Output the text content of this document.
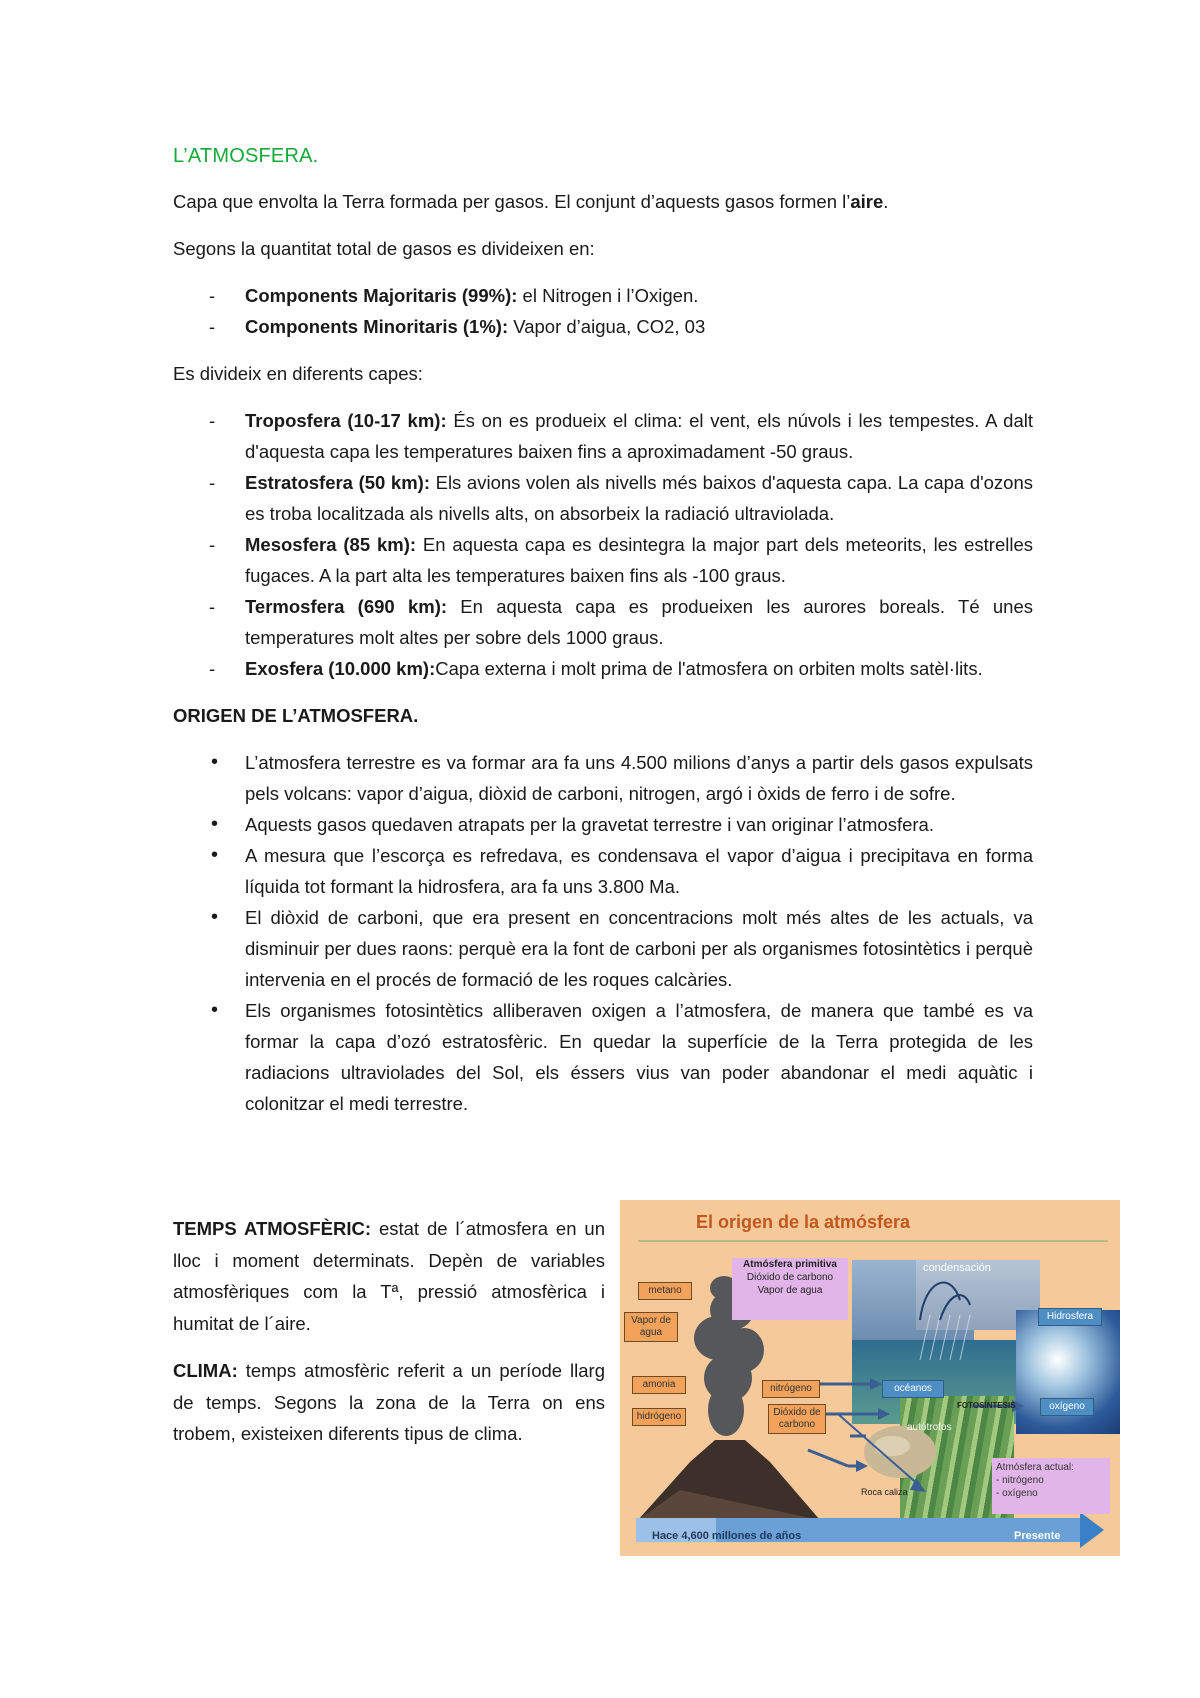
L’ATMOSFERA.

Capa que envolta la Terra formada per gasos. El conjunt d’aquests gasos formen l’aire.

Segons la quantitat total de gasos es divideixen en:

- Components Majoritaris (99%): el Nitrogen i l’Oxigen.
- Components Minoritaris (1%): Vapor d’aigua, CO2, 03

Es divideix en diferents capes:

- Troposfera (10-17 km): És on es produeix el clima: el vent, els núvols i les tempestes. A dalt d'aquesta capa les temperatures baixen fins a aproximadament -50 graus.
- Estratosfera (50 km): Els avions volen als nivells més baixos d'aquesta capa. La capa d'ozons es troba localitzada als nivells alts, on absorbeix la radiació ultraviolada.
- Mesosfera (85 km): En aquesta capa es desintegra la major part dels meteorits, les estrelles fugaces. A la part alta les temperatures baixen fins als -100 graus.
- Termosfera (690 km): En aquesta capa es produeixen les aurores boreals. Té unes temperatures molt altes per sobre dels 1000 graus.
- Exosfera (10.000 km):Capa externa i molt prima de l'atmosfera on orbiten molts satèl·lits.
ORIGEN DE L’ATMOSFERA.
• L’atmosfera terrestre es va formar ara fa uns 4.500 milions d’anys a partir dels gasos expulsats pels volcans: vapor d’aigua, diòxid de carboni, nitrogen, argó i òxids de ferro i de sofre.
• Aquests gasos quedaven atrapats per la gravetat terrestre i van originar l’atmosfera.
• A mesura que l’escorça es refredava, es condensava el vapor d’aigua i precipitava en forma líquida tot formant la hidrosfera, ara fa uns 3.800 Ma.
• El diòxid de carboni, que era present en concentracions molt més altes de les actuals, va disminuir per dues raons: perquè era la font de carboni per als organismes fotosintètics i perquè intervenia en el procés de formació de les roques calcàries.
• Els organismes fotosintètics alliberaven oxigen a l’atmosfera, de manera que també es va formar la capa d’ozó estratosfèric. En quedar la superfície de la Terra protegida de les radiacions ultraviolades del Sol, els éssers vius van poder abandonar el medi aquàtic i colonitzar el medi terrestre.

TEMPS ATMOSFÈRIC: estat de l´atmosfera en un lloc i moment determinats. Depèn de variables atmosfèriques com la Tª, pressió atmosfèrica i humitat de l´aire.

CLIMA: temps atmosfèric referit a un període llarg de temps. Segons la zona de la Terra on ens trobem, existeixen diferents tipus de clima.

El origen de la atmósfera
Atmósfera primitiva
Dióxido de carbono
Vapor de agua
condensación
metano
Vapor de agua
amonia
hidrógeno
nitrógeno
Dióxido de carbono
océanos
FOTOSÍNTESIS
autótrofos
oxígeno
Hidrosfera
Roca caliza
Atmósfera actual:
- nitrógeno
- oxígeno
Hace 4,600 millones de años	Presente
